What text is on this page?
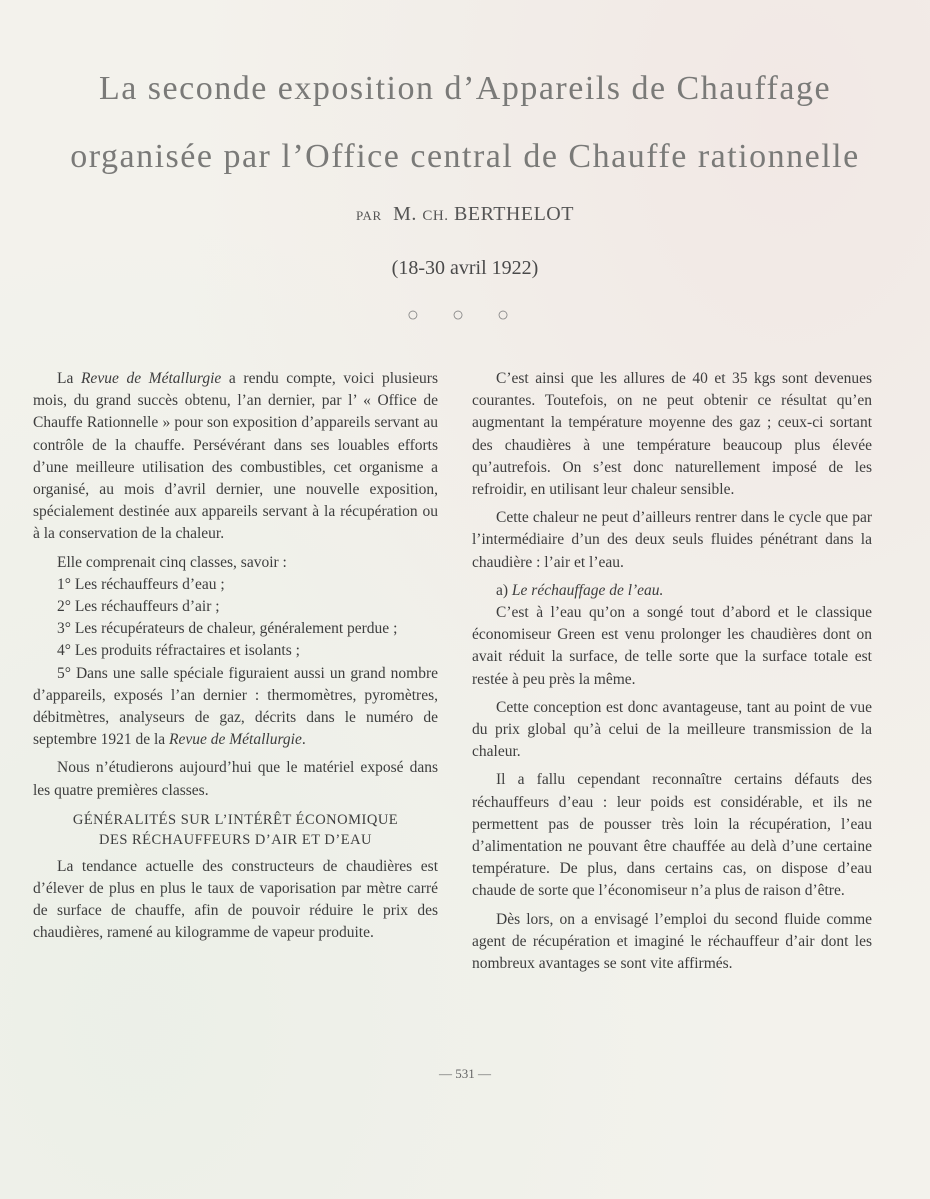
La seconde exposition d’Appareils de Chauffage
organisée par l’Office central de Chauffe rationnelle
PAR M. CH. BERTHELOT
(18-30 avril 1922)
○ ○ ○

La Revue de Métallurgie a rendu compte, voici plusieurs mois, du grand succès obtenu, l’an dernier, par l’ « Office de Chauffe Rationnelle » pour son exposition d’appareils servant au contrôle de la chauffe. Persévérant dans ses louables efforts d’une meilleure utilisation des combustibles, cet organisme a organisé, au mois d’avril dernier, une nouvelle exposition, spécialement destinée aux appareils servant à la récupération ou à la conservation de la chaleur.

Elle comprenait cinq classes, savoir :

1° Les réchauffeurs d’eau ;

2° Les réchauffeurs d’air ;

3° Les récupérateurs de chaleur, généralement perdue ;

4° Les produits réfractaires et isolants ;

5° Dans une salle spéciale figuraient aussi un grand nombre d’appareils, exposés l’an dernier : thermomètres, pyromètres, débitmètres, analyseurs de gaz, décrits dans le numéro de septembre 1921 de la Revue de Métallurgie.

Nous n’étudierons aujourd’hui que le matériel exposé dans les quatre premières classes.

GÉNÉRALITÉS SUR L’INTÉRÊT ÉCONOMIQUE
DES RÉCHAUFFEURS D’AIR ET D’EAU

La tendance actuelle des constructeurs de chaudières est d’élever de plus en plus le taux de vaporisation par mètre carré de surface de chauffe, afin de pouvoir réduire le prix des chaudières, ramené au kilogramme de vapeur produite.

C’est ainsi que les allures de 40 et 35 kgs sont devenues courantes. Toutefois, on ne peut obtenir ce résultat qu’en augmentant la température moyenne des gaz ; ceux-ci sortant des chaudières à une température beaucoup plus élevée qu’autrefois. On s’est donc naturellement imposé de les refroidir, en utilisant leur chaleur sensible.

Cette chaleur ne peut d’ailleurs rentrer dans le cycle que par l’intermédiaire d’un des deux seuls fluides pénétrant dans la chaudière : l’air et l’eau.

a) Le réchauffage de l’eau.

C’est à l’eau qu’on a songé tout d’abord et le classique économiseur Green est venu prolonger les chaudières dont on avait réduit la surface, de telle sorte que la surface totale est restée à peu près la même.

Cette conception est donc avantageuse, tant au point de vue du prix global qu’à celui de la meilleure transmission de la chaleur.

Il a fallu cependant reconnaître certains défauts des réchauffeurs d’eau : leur poids est considérable, et ils ne permettent pas de pousser très loin la récupération, l’eau d’alimentation ne pouvant être chauffée au delà d’une certaine température. De plus, dans certains cas, on dispose d’eau chaude de sorte que l’économiseur n’a plus de raison d’être.

Dès lors, on a envisagé l’emploi du second fluide comme agent de récupération et imaginé le réchauffeur d’air dont les nombreux avantages se sont vite affirmés.

— 531 —
